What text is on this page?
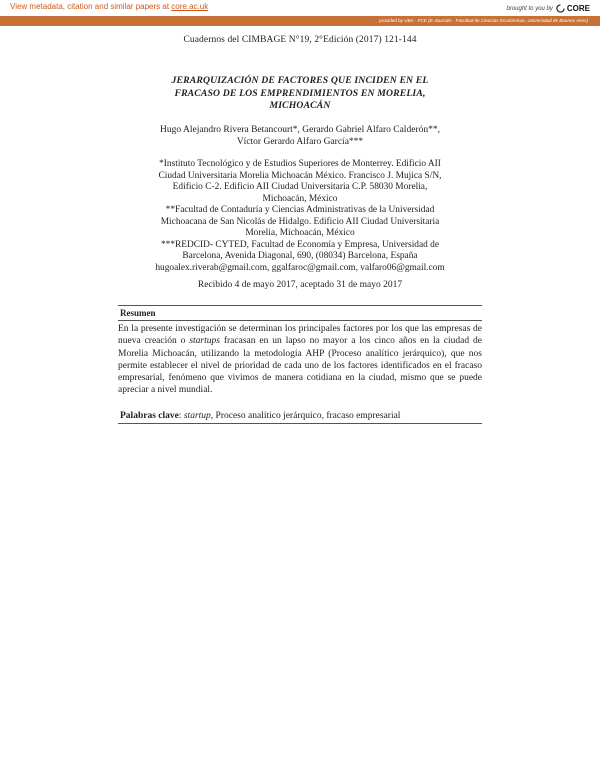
View metadata, citation and similar papers at core.ac.uk	brought to you by CORE
provided by UBA · FCE (E-Journals · Facultad de Ciencias Económicas, Universidad de Buenos Aires)
Cuadernos del CIMBAGE N°19, 2°Edición (2017) 121-144
JERARQUIZACIÓN DE FACTORES QUE INCIDEN EN EL
FRACASO DE LOS EMPRENDIMIENTOS EN MORELIA,
MICHOACÁN
Hugo Alejandro Rivera Betancourt*, Gerardo Gabriel Alfaro Calderón**,
Víctor Gerardo Alfaro García***
*Instituto Tecnológico y de Estudios Superiores de Monterrey. Edificio AII
Ciudad Universitaria Morelia Michoacán México. Francisco J. Mujica S/N,
Edificio C-2. Edificio AII Ciudad Universitaria C.P. 58030 Morelia,
Michoacán, México
**Facultad de Contaduría y Ciencias Administrativas de la Universidad
Michoacana de San Nicolás de Hidalgo. Edificio AII Ciudad Universitaria
Morelia, Michoacán, México
***REDCID- CYTED, Facultad de Economía y Empresa, Universidad de
Barcelona, Avenida Diagonal, 690, (08034) Barcelona, España
hugoalex.riverab@gmail.com, ggalfaroc@gmail.com, valfaro06@gmail.com
Recibido 4 de mayo 2017, aceptado 31 de mayo 2017
Resumen

En la presente investigación se determinan los principales factores por los que las empresas de nueva creación o startups fracasan en un lapso no mayor a los cinco años en la ciudad de Morelia Michoacán, utilizando la metodología AHP (Proceso analítico jerárquico), que nos permite establecer el nivel de prioridad de cada uno de los factores identificados en el fracaso empresarial, fenómeno que vivimos de manera cotidiana en la ciudad, mismo que se puede apreciar a nivel mundial.

Palabras clave: startup, Proceso analítico jerárquico, fracaso empresarial
